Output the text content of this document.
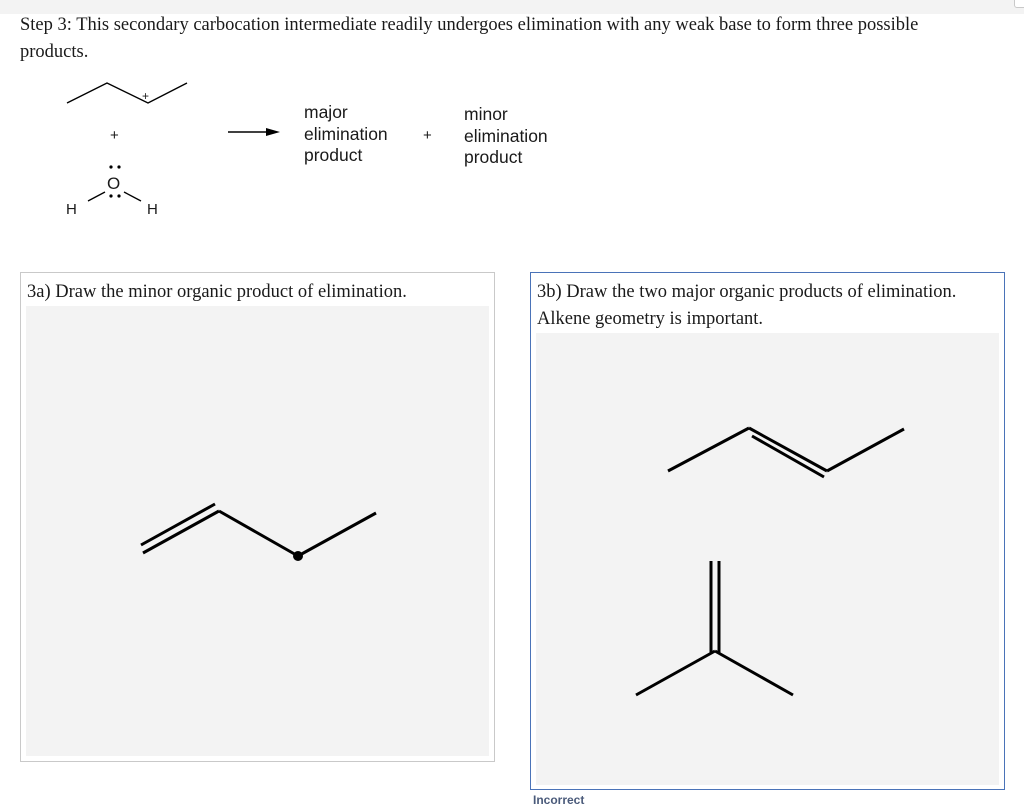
Step 3: This secondary carbocation intermediate readily undergoes elimination with any weak base to form three possible products.
+
+
O
H	H
major
elimination
product
+
minor
elimination
product
3a) Draw the minor organic product of elimination.	3b) Draw the two major organic products of elimination. Alkene geometry is important.
Incorrect
